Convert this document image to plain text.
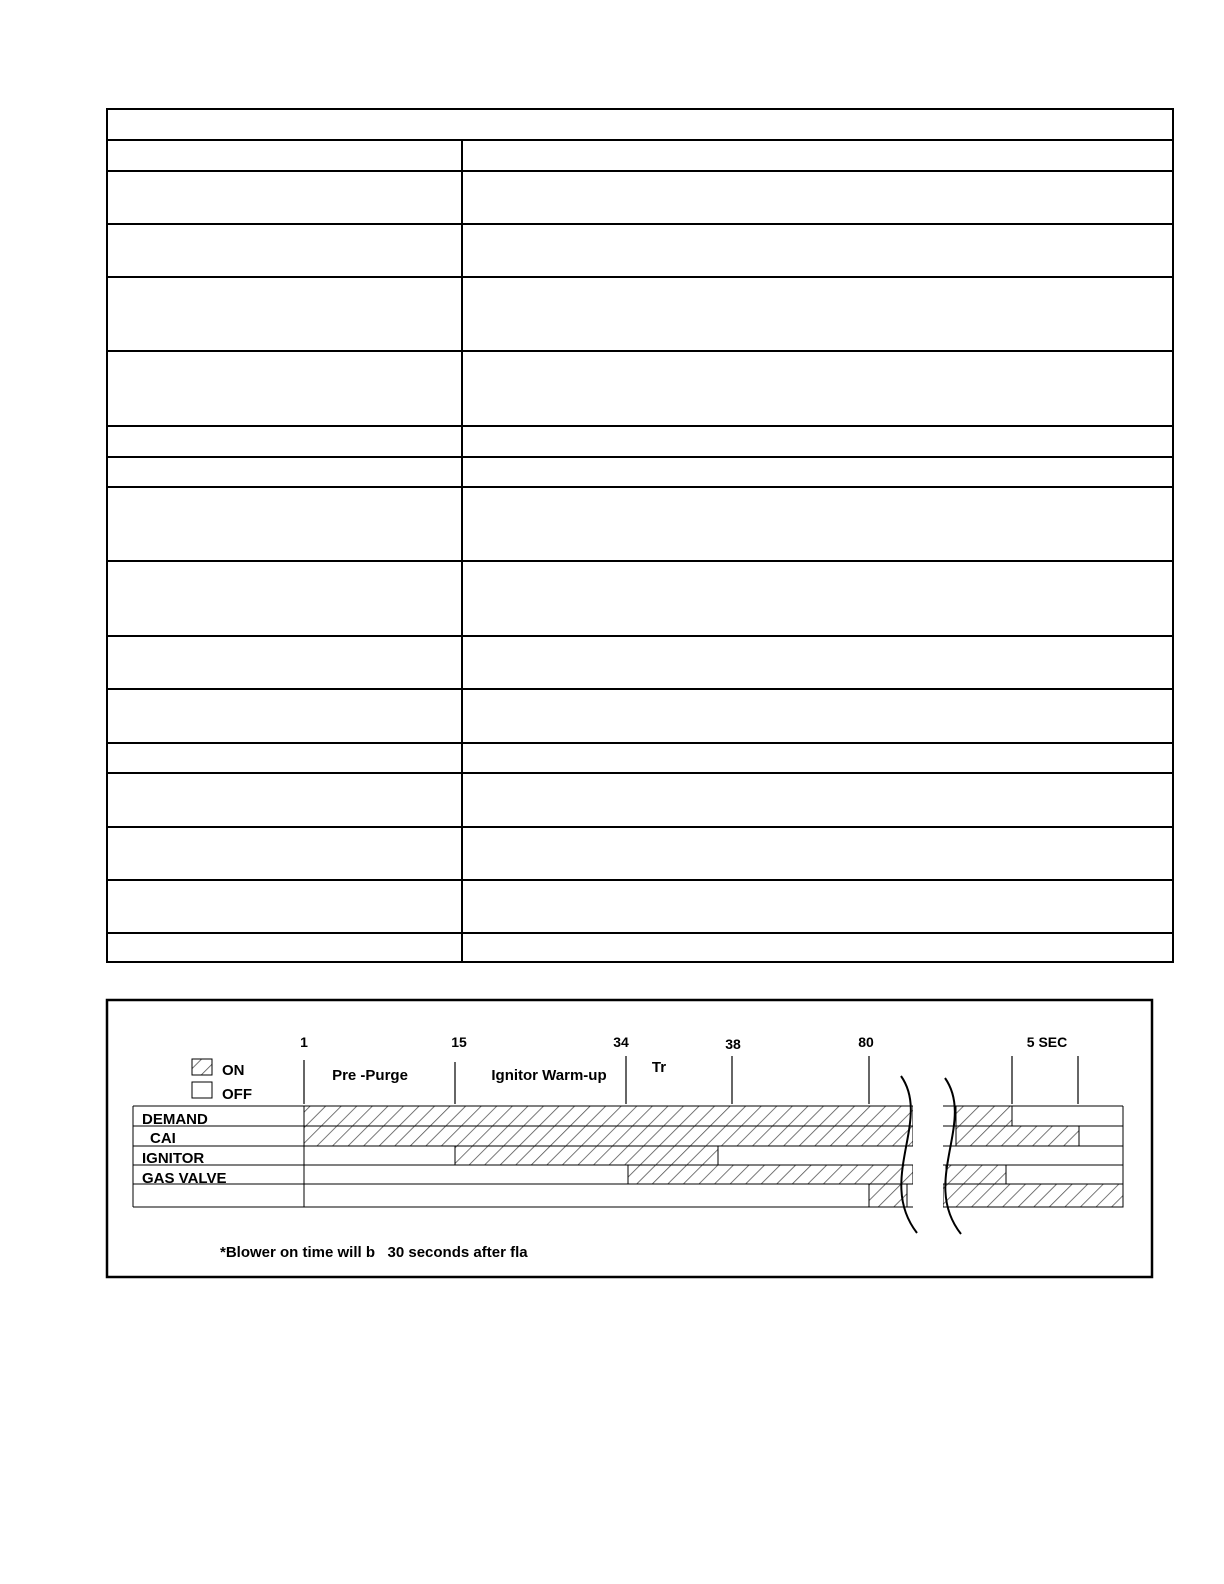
ON
OFF
1	15	34	38	80	5 SEC
Pre -Purge	Ignitor Warm-up	Tr
DEMAND
CAI
IGNITOR
GAS VALVE
*Blower on time will b   30 seconds after fla
